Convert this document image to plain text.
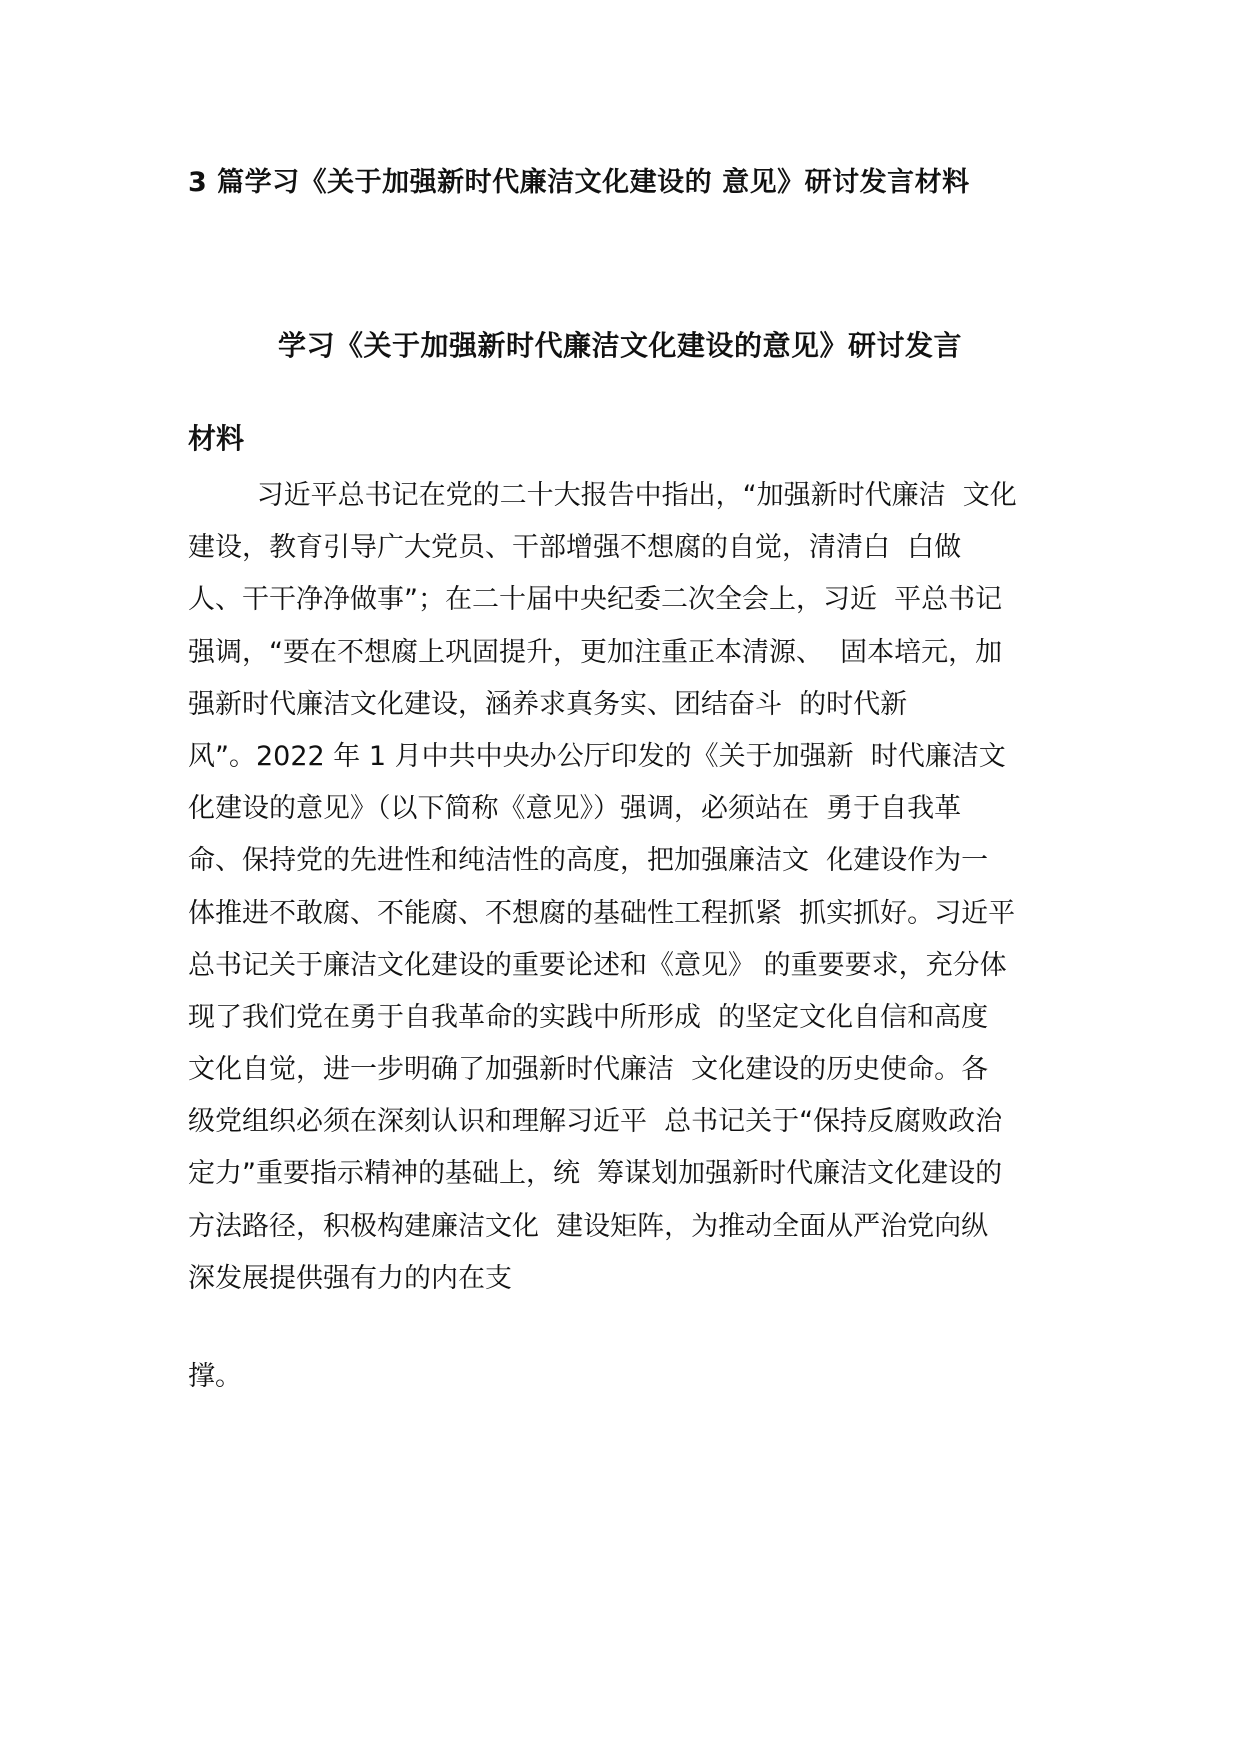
3 篇学习《关于加强新时代廉洁文化建设的 意见》研讨发言材料
学习《关于加强新时代廉洁文化建设的意见》研讨发言
材料
习近平总书记在党的二十大报告中指出，“加强新时代廉洁  文化
建设，教育引导广大党员、干部增强不想腐的自觉，清清白  白做
人、干干净净做事”；在二十届中央纪委二次全会上，习近  平总书记
强调，“要在不想腐上巩固提升，更加注重正本清源、  固本培元，加
强新时代廉洁文化建设，涵养求真务实、团结奋斗  的时代新
风”。2022 年 1 月中共中央办公厅印发的《关于加强新  时代廉洁文
化建设的意见》（以下简称《意见》）强调，必须站在  勇于自我革
命、保持党的先进性和纯洁性的高度，把加强廉洁文  化建设作为一
体推进不敢腐、不能腐、不想腐的基础性工程抓紧  抓实抓好。习近平
总书记关于廉洁文化建设的重要论述和《意见》 的重要要求，充分体
现了我们党在勇于自我革命的实践中所形成  的坚定文化自信和高度
文化自觉，进一步明确了加强新时代廉洁  文化建设的历史使命。各
级党组织必须在深刻认识和理解习近平  总书记关于“保持反腐败政治
定力”重要指示精神的基础上，统  筹谋划加强新时代廉洁文化建设的
方法路径，积极构建廉洁文化  建设矩阵，为推动全面从严治党向纵
深发展提供强有力的内在支
撑。
